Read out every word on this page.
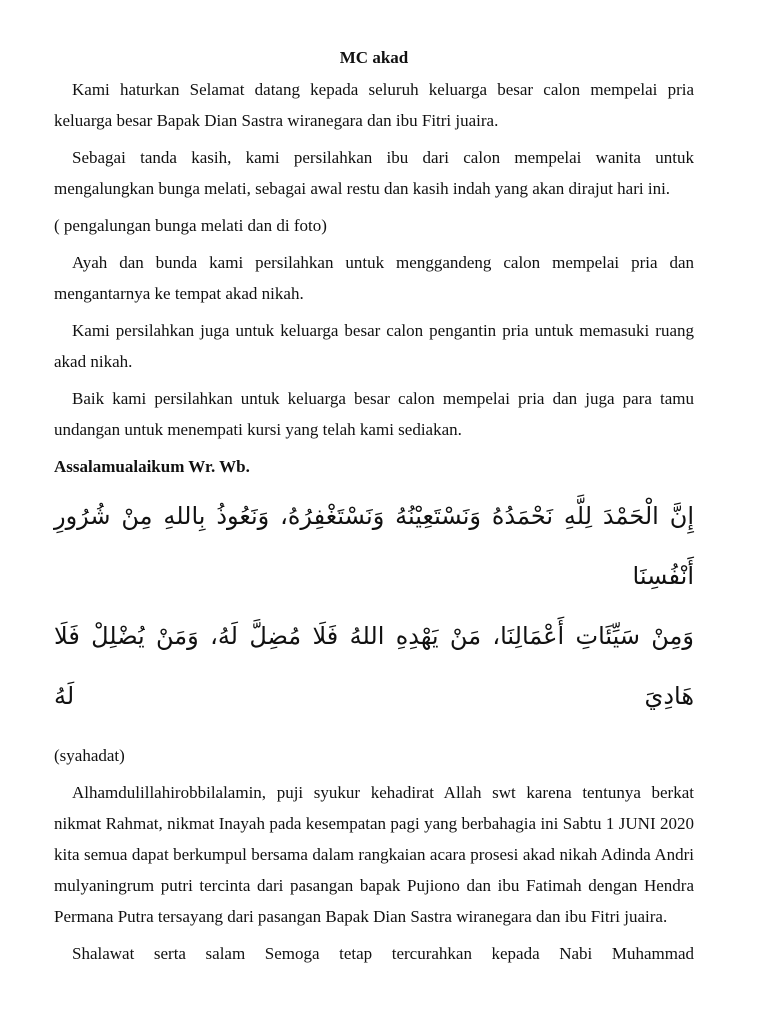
MC akad

Kami haturkan Selamat datang kepada seluruh keluarga besar calon mempelai pria keluarga besar Bapak Dian Sastra wiranegara dan ibu Fitri juaira.

Sebagai tanda kasih, kami persilahkan ibu dari calon mempelai wanita untuk mengalungkan bunga melati, sebagai awal restu dan kasih indah yang akan dirajut hari ini.

( pengalungan bunga melati dan di foto)

Ayah dan bunda kami persilahkan untuk menggandeng calon mempelai pria dan mengantarnya ke tempat akad nikah.

Kami persilahkan juga untuk keluarga besar calon pengantin pria untuk memasuki ruang akad nikah.

Baik kami persilahkan untuk keluarga besar calon mempelai pria dan juga para tamu undangan untuk menempati kursi yang telah kami sediakan.

Assalamualaikum Wr. Wb.

إِنَّ الْحَمْدَ لِلَّهِ نَحْمَدُهُ وَنَسْتَعِيْنُهُ وَنَسْتَغْفِرُهُ، وَنَعُوذُ بِاللهِ مِنْ شُرُورِ أَنْفُسِنَا
وَمِنْ سَيِّئَاتِ أَعْمَالِنَا، مَنْ يَهْدِهِ اللهُ فَلَا مُضِلَّ لَهُ، وَمَنْ يُضْلِلْ فَلَا هَادِيَ لَهُ

(syahadat)

Alhamdulillahirobbilalamin, puji syukur kehadirat Allah swt karena tentunya berkat nikmat Rahmat, nikmat Inayah pada kesempatan pagi yang berbahagia ini Sabtu 1 JUNI 2020 kita semua dapat berkumpul bersama dalam rangkaian acara prosesi akad nikah Adinda Andri mulyaningrum putri tercinta dari pasangan bapak Pujiono dan ibu Fatimah dengan Hendra Permana Putra tersayang dari pasangan Bapak Dian Sastra wiranegara dan ibu Fitri juaira.

Shalawat serta salam Semoga tetap tercurahkan kepada Nabi Muhammad
